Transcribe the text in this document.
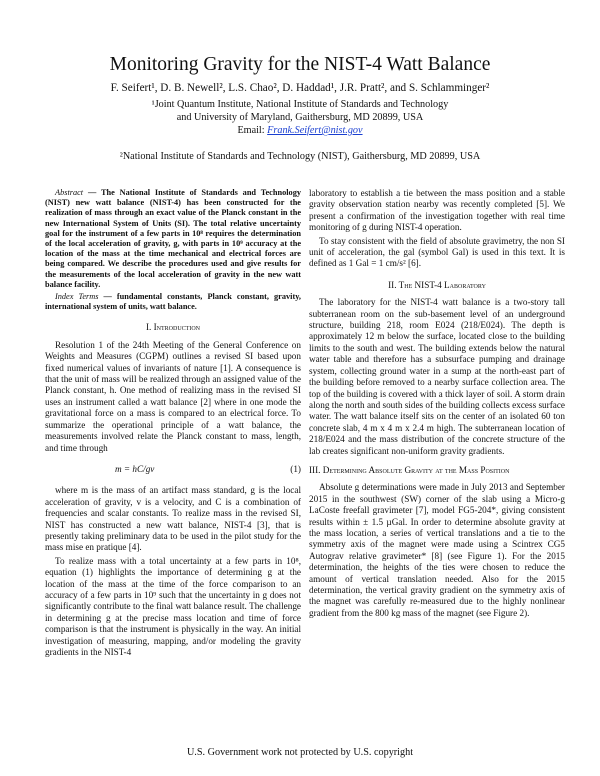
Monitoring Gravity for the NIST-4 Watt Balance
F. Seifert¹, D. B. Newell², L.S. Chao², D. Haddad¹, J.R. Pratt², and S. Schlamminger²
¹Joint Quantum Institute, National Institute of Standards and Technology
and University of Maryland, Gaithersburg, MD 20899, USA
Email: Frank.Seifert@nist.gov
²National Institute of Standards and Technology (NIST), Gaithersburg, MD 20899, USA

Abstract — The National Institute of Standards and Technology (NIST) new watt balance (NIST-4) has been constructed for the realization of mass through an exact value of the Planck constant in the new International System of Units (SI). The total relative uncertainty goal for the instrument of a few parts in 10⁸ requires the determination of the local acceleration of gravity, g, with parts in 10⁹ accuracy at the location of the mass at the time mechanical and electrical forces are being compared. We describe the procedures used and give results for the measurements of the local acceleration of gravity in the new watt balance facility.

Index Terms — fundamental constants, Planck constant, gravity, international system of units, watt balance.

I. Introduction

Resolution 1 of the 24th Meeting of the General Conference on Weights and Measures (CGPM) outlines a revised SI based upon fixed numerical values of invariants of nature [1]. A consequence is that the unit of mass will be realized through an assigned value of the Planck constant, h. One method of realizing mass in the revised SI uses an instrument called a watt balance [2] where in one mode the gravitational force on a mass is compared to an electrical force. To summarize the operational principle of a watt balance, the measurements involved relate the Planck constant to mass, length, and time through

m = hC/gv	(1)

where m is the mass of an artifact mass standard, g is the local acceleration of gravity, v is a velocity, and C is a combination of frequencies and scalar constants. To realize mass in the revised SI, NIST has constructed a new watt balance, NIST-4 [3], that is presently taking preliminary data to be used in the pilot study for the mass mise en pratique [4].

To realize mass with a total uncertainty at a few parts in 10⁸, equation (1) highlights the importance of determining g at the location of the mass at the time of the force comparison to an accuracy of a few parts in 10⁹ such that the uncertainty in g does not significantly contribute to the final watt balance result. The challenge in determining g at the precise mass location and time of force comparison is that the instrument is physically in the way. An initial investigation of measuring, mapping, and/or modeling the gravity gradients in the NIST-4

laboratory to establish a tie between the mass position and a stable gravity observation station nearby was recently completed [5]. We present a confirmation of the investigation together with real time monitoring of g during NIST-4 operation.

To stay consistent with the field of absolute gravimetry, the non SI unit of acceleration, the gal (symbol Gal) is used in this text. It is defined as 1 Gal = 1 cm/s² [6].

II. The NIST-4 Laboratory

The laboratory for the NIST-4 watt balance is a two-story tall subterranean room on the sub-basement level of an underground structure, building 218, room E024 (218/E024). The depth is approximately 12 m below the surface, located close to the building limits to the south and west. The building extends below the natural water table and therefore has a subsurface pumping and drainage system, collecting ground water in a sump at the north-east part of the building before removed to a nearby surface collection area. The top of the building is covered with a thick layer of soil. A storm drain along the north and south sides of the building collects excess surface water. The watt balance itself sits on the center of an isolated 60 ton concrete slab, 4 m x 4 m x 2.4 m high. The subterranean location of 218/E024 and the mass distribution of the concrete structure of the lab creates significant non-uniform gravity gradients.

III. Determining Absolute Gravity at the Mass Position

Absolute g determinations were made in July 2013 and September 2015 in the southwest (SW) corner of the slab using a Micro-g LaCoste freefall gravimeter [7], model FG5-204*, giving consistent results within ± 1.5 µGal. In order to determine absolute gravity at the mass location, a series of vertical translations and a tie to the symmetry axis of the magnet were made using a Scintrex CG5 Autograv relative gravimeter* [8] (see Figure 1). For the 2015 determination, the heights of the ties were chosen to reduce the amount of vertical translation needed. Also for the 2015 determination, the vertical gravity gradient on the symmetry axis of the magnet was carefully re-measured due to the highly nonlinear gradient from the 800 kg mass of the magnet (see Figure 2).

U.S. Government work not protected by U.S. copyright
